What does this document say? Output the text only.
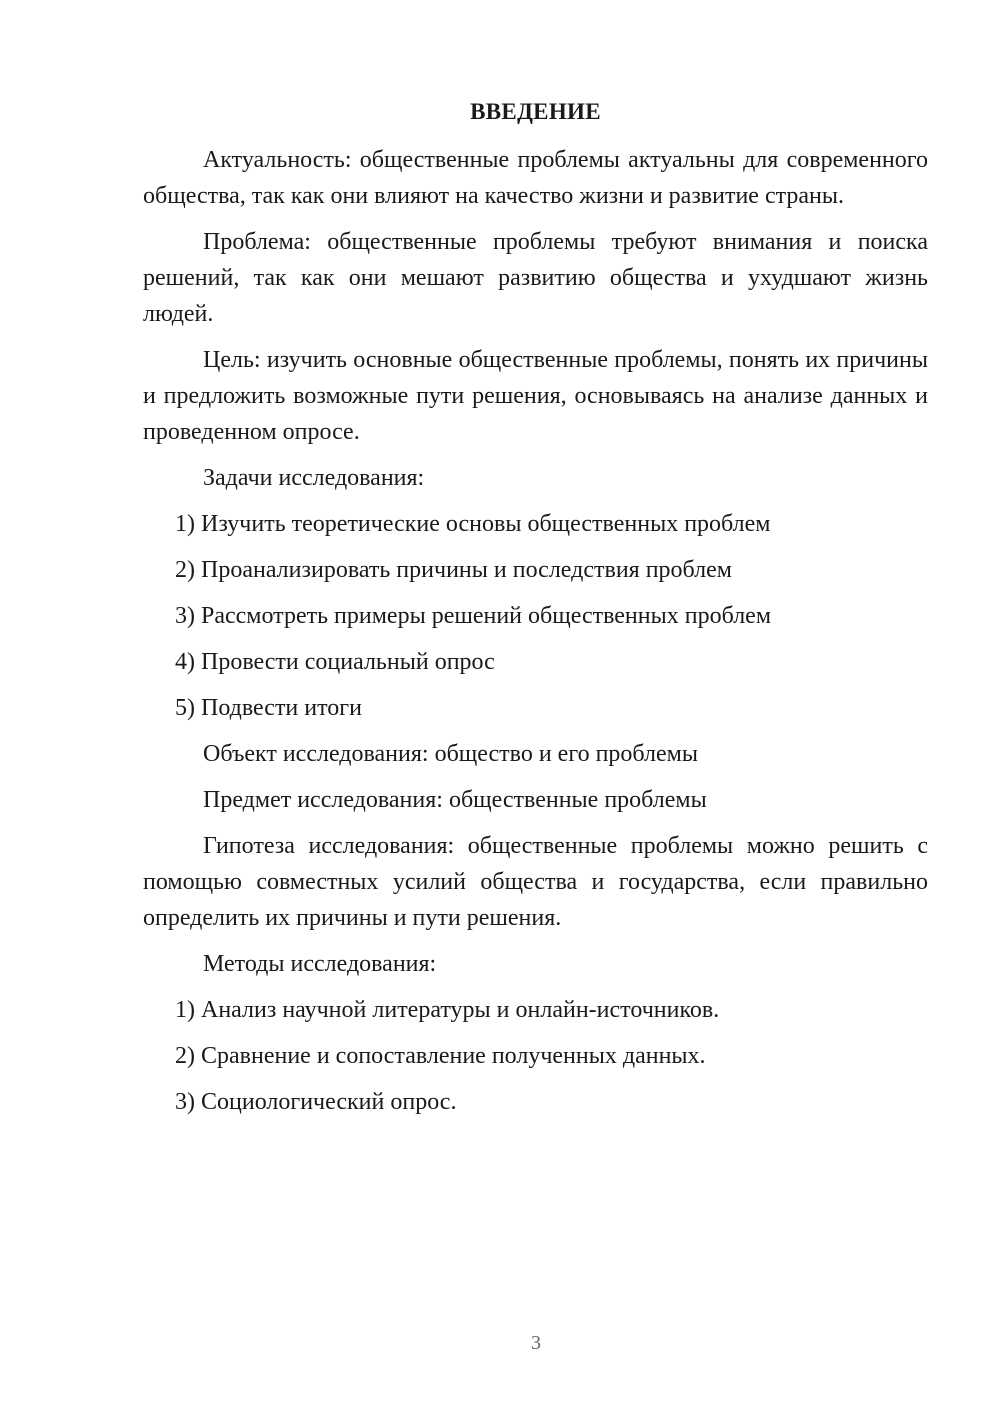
ВВЕДЕНИЕ
Актуальность: общественные проблемы актуальны для современного общества, так как они влияют на качество жизни и развитие страны.
Проблема: общественные проблемы требуют внимания и поиска решений, так как они мешают развитию общества и ухудшают жизнь людей.
Цель: изучить основные общественные проблемы, понять их причины и предложить возможные пути решения, основываясь на анализе данных и проведенном опросе.
Задачи исследования:
1) Изучить теоретические основы общественных проблем
2) Проанализировать причины и последствия проблем
3) Рассмотреть примеры решений общественных проблем
4) Провести социальный опрос
5) Подвести итоги
Объект исследования: общество и его проблемы
Предмет исследования: общественные проблемы
Гипотеза исследования: общественные проблемы можно решить с помощью совместных усилий общества и государства, если правильно определить их причины и пути решения.
Методы исследования:
1) Анализ научной литературы и онлайн-источников.
2) Сравнение и сопоставление полученных данных.
3) Социологический опрос.
3
